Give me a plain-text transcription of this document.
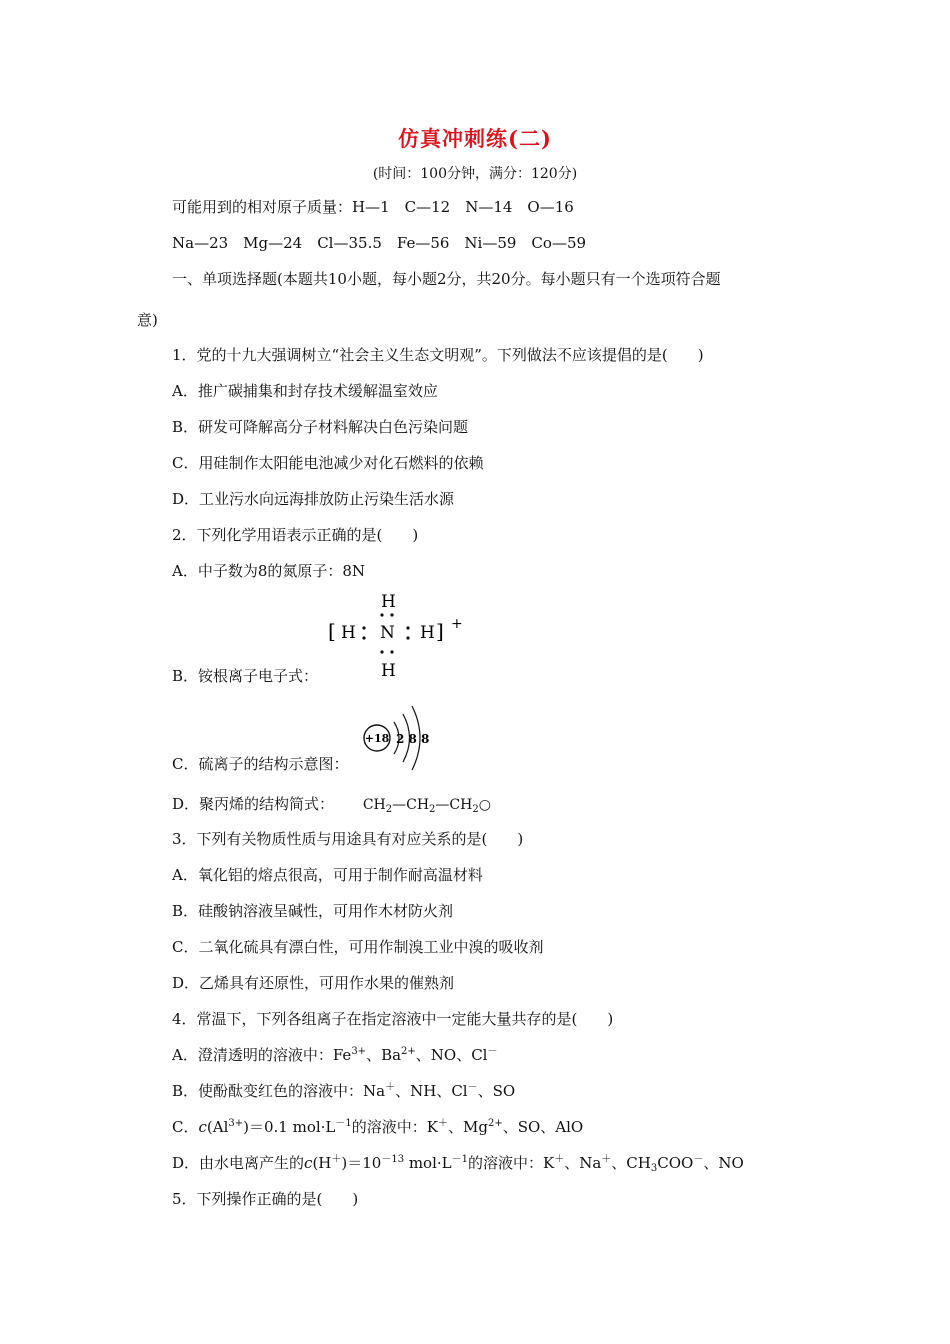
仿真冲刺练(二)
(时间：100分钟，满分：120分)
可能用到的相对原子质量：H—1　C—12　N—14　O—16
Na—23　Mg—24　Cl—35.5　Fe—56　Ni—59　Co—59
一、单项选择题(本题共10小题，每小题2分，共20分。每小题只有一个选项符合题
意)
1．党的十九大强调树立“社会主义生态文明观”。下列做法不应该提倡的是(　　)
A．推广碳捕集和封存技术缓解温室效应
B．研发可降解高分子材料解决白色污染问题
C．用硅制作太阳能电池减少对化石燃料的依赖
D．工业污水向远海排放防止污染生活水源
2．下列化学用语表示正确的是(　　)
A．中子数为8的氮原子：8N
[ H N H ] +
H
H
B．铵根离子电子式：
+18 2 8 8
C．硫离子的结构示意图：
D．聚丙烯的结构简式： $CH_2—CH_2—CH_2○$
3．下列有关物质性质与用途具有对应关系的是(　　)
A．氧化铝的熔点很高，可用于制作耐高温材料
B．硅酸钠溶液呈碱性，可用作木材防火剂
C．二氧化硫具有漂白性，可用作制溴工业中溴的吸收剂
D．乙烯具有还原性，可用作水果的催熟剂
4．常温下，下列各组离子在指定溶液中一定能大量共存的是(　　)
A．澄清透明的溶液中：$Fe^{3+}$、$Ba^{2+}$、NO、Cl－
B．使酚酞变红色的溶液中：Na＋、NH、Cl－、SO
C．$c(Al^{3+})=0.1$ $mol\cdot L^{-1}$的溶液中：K＋、$Mg^{2+}$、SO、AlO
D．由水电离产生的$c(H^+)=10^{-13}$ $mol\cdot L^{-1}$的溶液中：K＋、Na＋、$CH_3COO^-$、NO
5．下列操作正确的是(　　)
